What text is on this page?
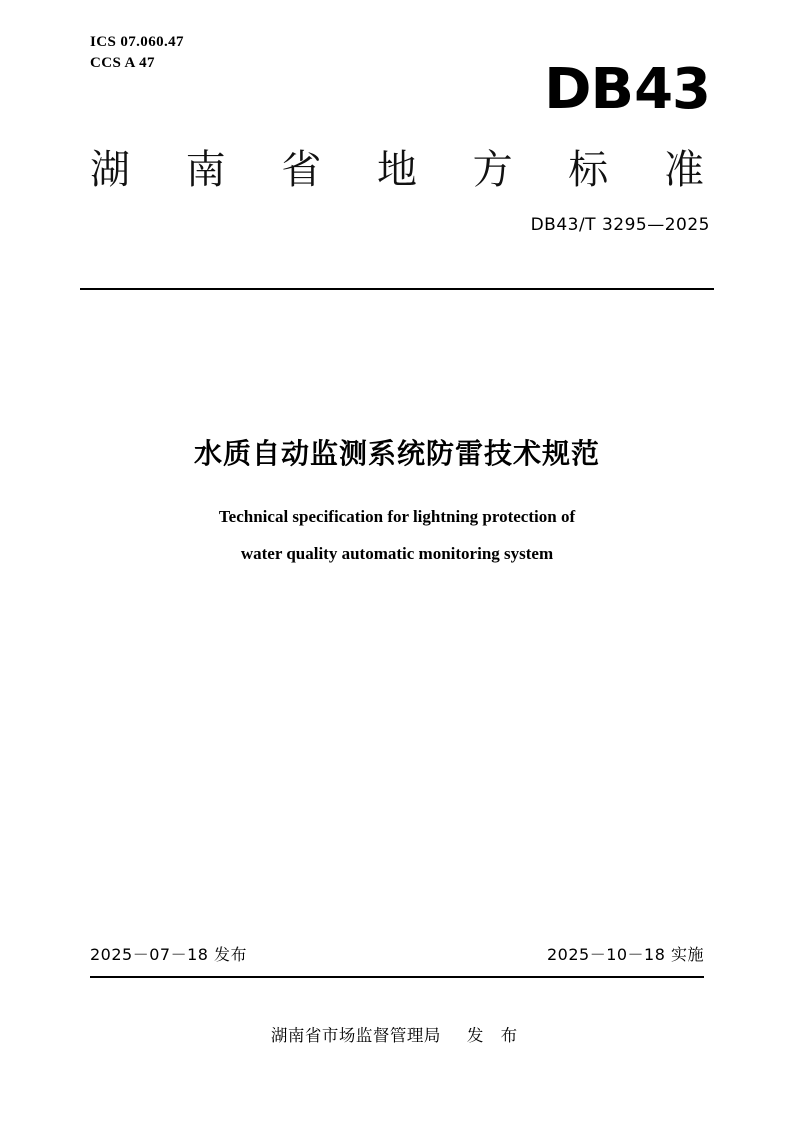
ICS 07.060.47
CCS A 47	DB43
湖 南 省 地 方 标 准
DB43/T 3295—2025
水质自动监测系统防雷技术规范
Technical specification for lightning protection of
water quality automatic monitoring system
2025－07－18 发布	2025－10－18 实施
湖南省市场监督管理局 发 布
